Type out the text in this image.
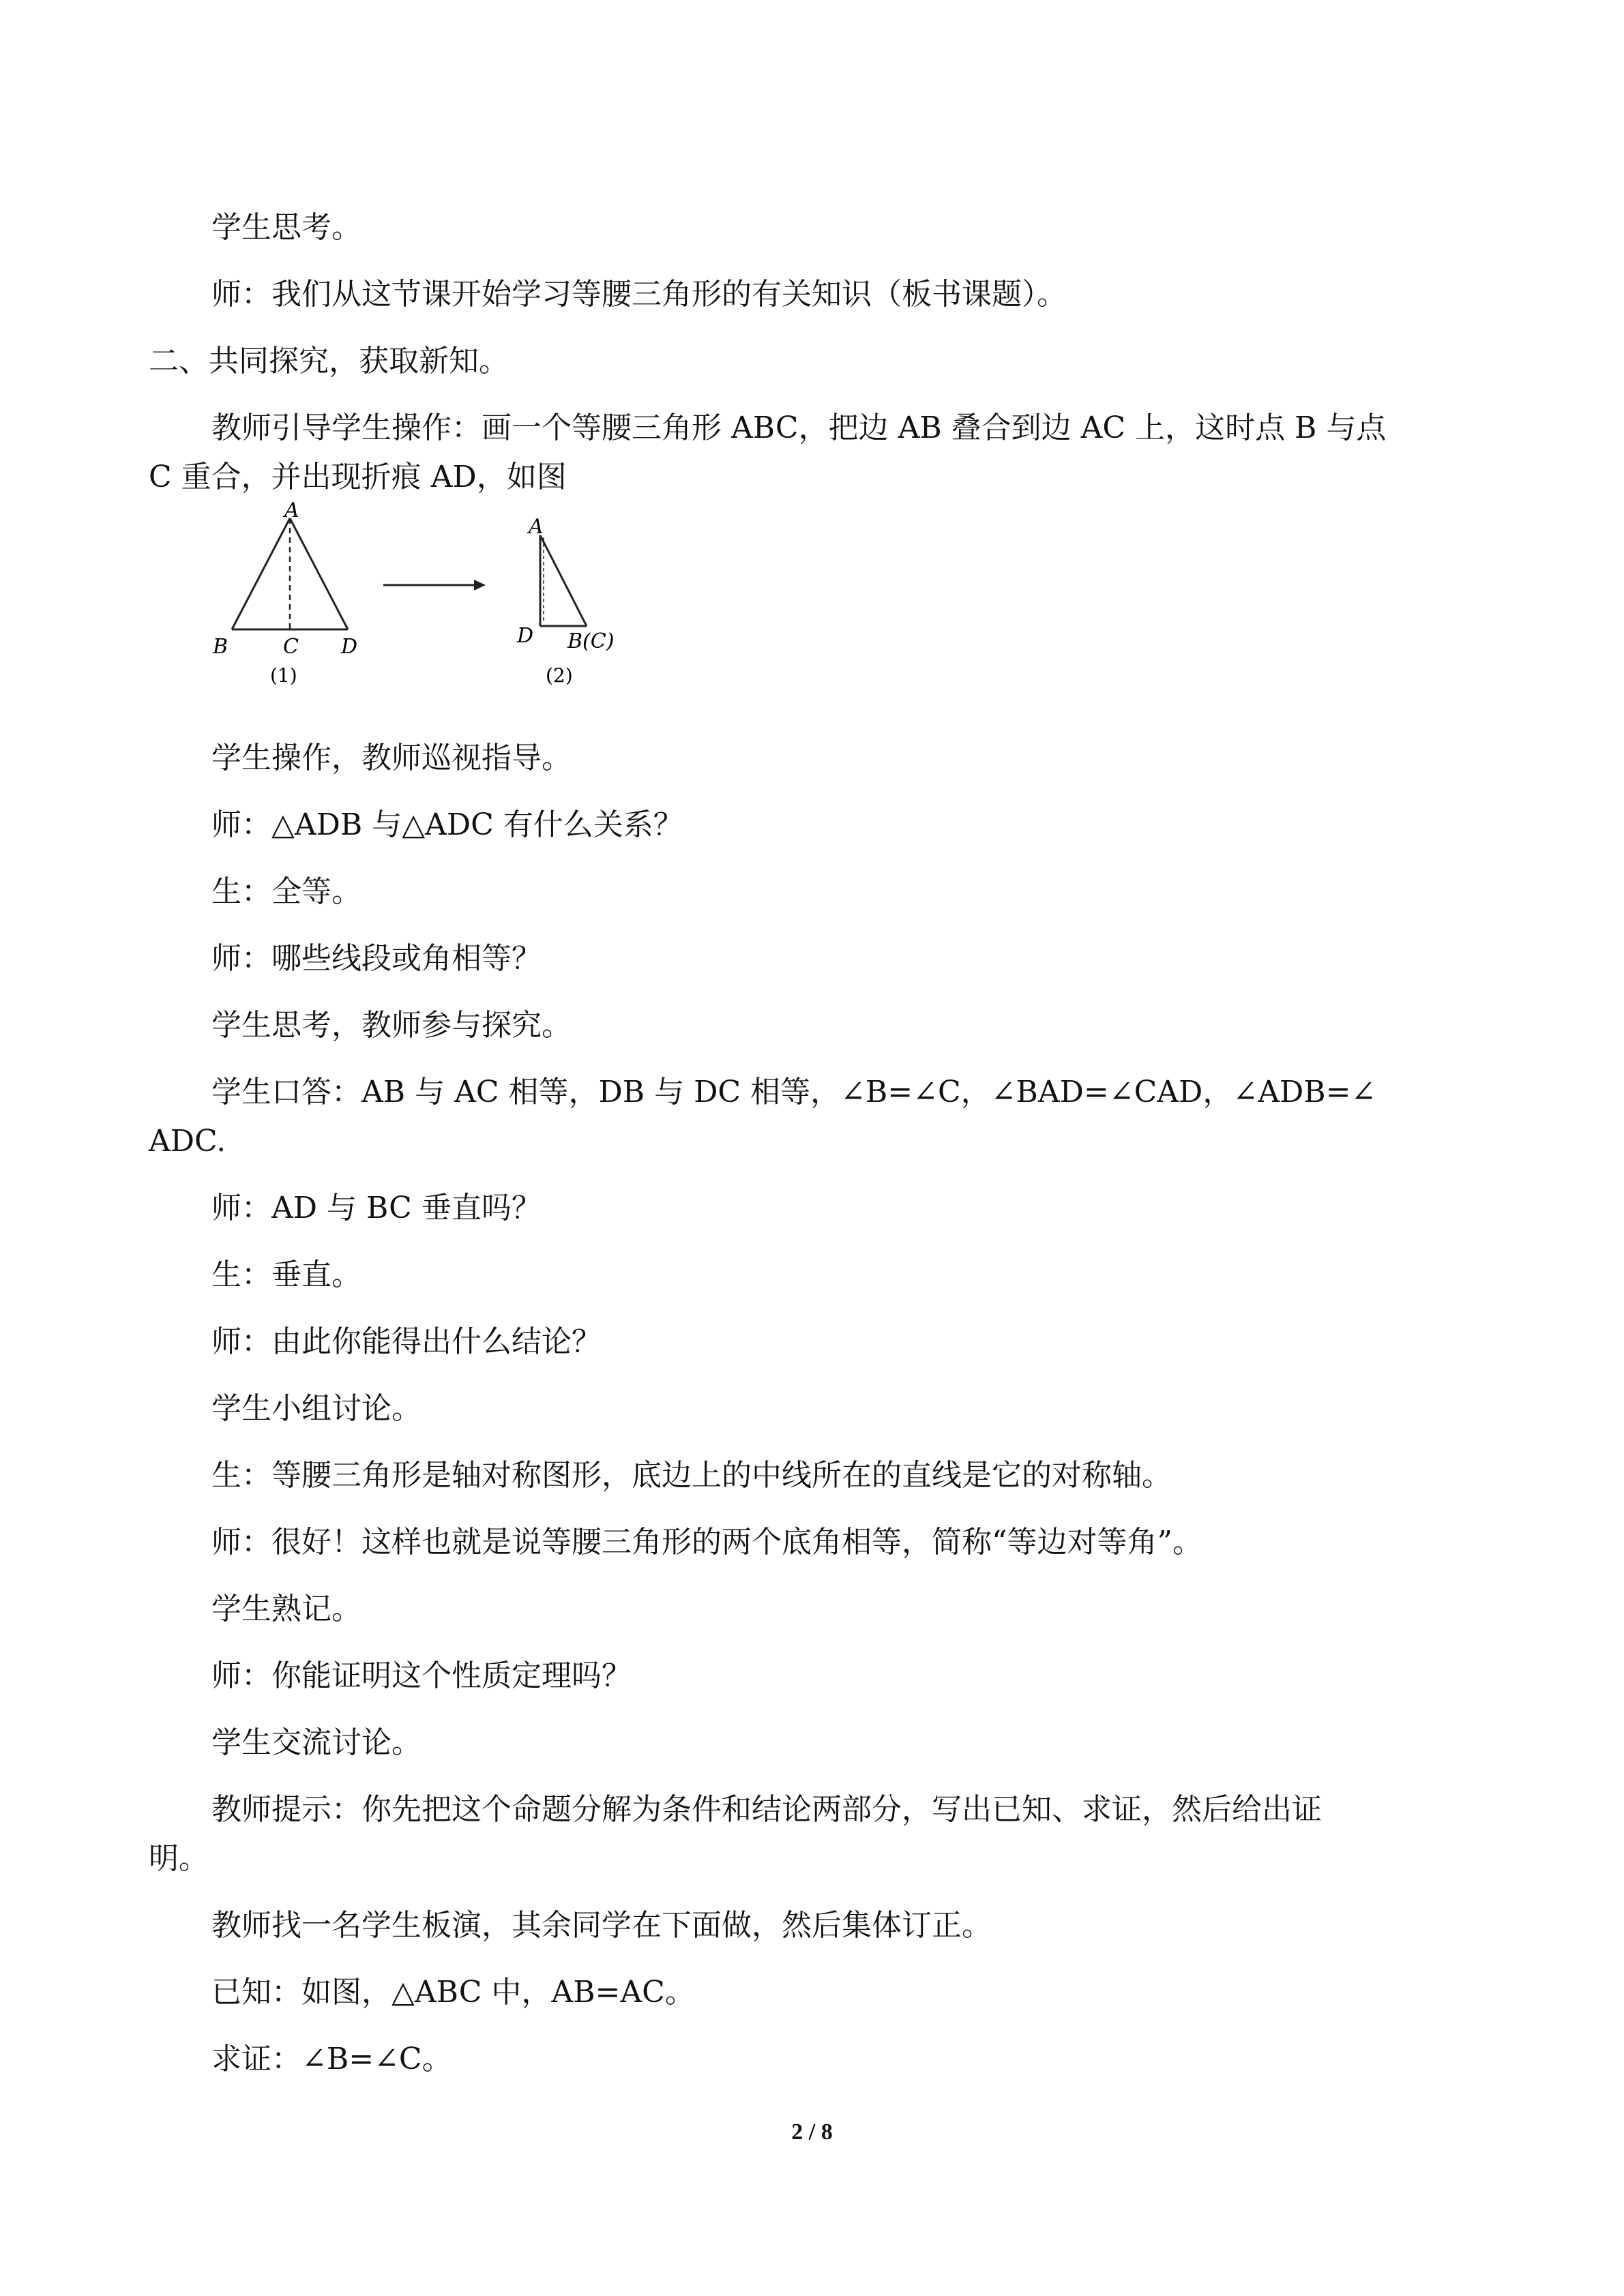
学生思考。
师：我们从这节课开始学习等腰三角形的有关知识（板书课题）。
二、共同探究，获取新知。
教师引导学生操作：画一个等腰三角形 ABC，把边 AB 叠合到边 AC 上，这时点 B 与点
C 重合，并出现折痕 AD，如图
A
B	C D
(1)
A
D B(C)
(2)
学生操作，教师巡视指导。
师：△ADB 与△ADC 有什么关系？
生：全等。
师：哪些线段或角相等？
学生思考，教师参与探究。
学生口答：AB 与 AC 相等，DB 与 DC 相等，∠B=∠C，∠BAD=∠CAD，∠ADB=∠
ADC.
师：AD 与 BC 垂直吗？
生：垂直。
师：由此你能得出什么结论？
学生小组讨论。
生：等腰三角形是轴对称图形，底边上的中线所在的直线是它的对称轴。
师：很好！这样也就是说等腰三角形的两个底角相等，简称“等边对等角”。
学生熟记。
师：你能证明这个性质定理吗？
学生交流讨论。
教师提示：你先把这个命题分解为条件和结论两部分，写出已知、求证，然后给出证
明。
教师找一名学生板演，其余同学在下面做，然后集体订正。
已知：如图，△ABC 中，AB=AC。
求证：∠B=∠C。
2 / 8
